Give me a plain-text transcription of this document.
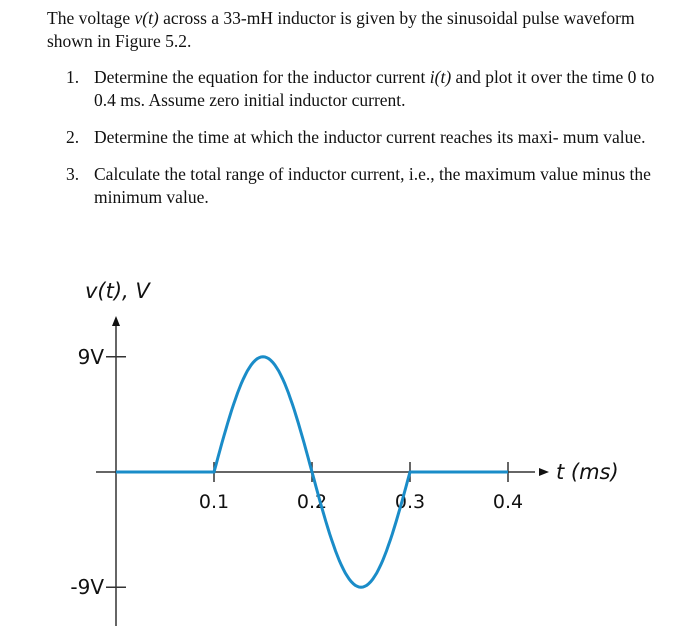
The voltage v(t) across a 33-mH inductor is given by the sinusoidal pulse waveform shown in Figure 5.2.

1. Determine the equation for the inductor current i(t) and plot it over the time 0 to 0.4 ms. Assume zero initial inductor current.
2. Determine the time at which the inductor current reaches its maxi- mum value.
3. Calculate the total range of inductor current, i.e., the maximum value minus the minimum value.
v(t), V
t (ms)
0.1	0.2	0.3	0.4
9V
-9V
